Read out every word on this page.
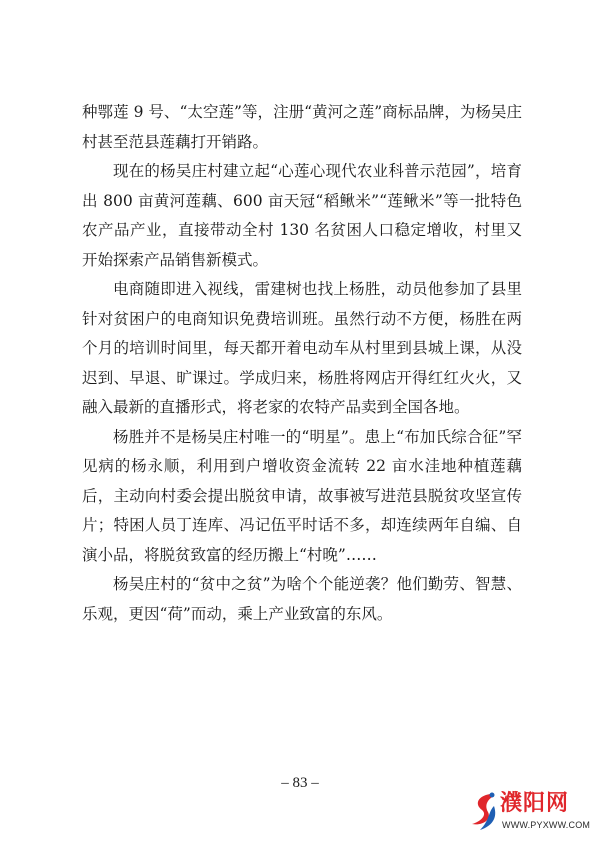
种鄂莲 9 号、“太空莲”等，注册“黄河之莲”商标品牌，为杨吴庄村甚至范县莲藕打开销路。

现在的杨吴庄村建立起“心莲心现代农业科普示范园”，培育出 800 亩黄河莲藕、600 亩天冠“稻鳅米”“莲鳅米”等一批特色农产品产业，直接带动全村 130 名贫困人口稳定增收，村里又开始探索产品销售新模式。

电商随即进入视线，雷建树也找上杨胜，动员他参加了县里针对贫困户的电商知识免费培训班。虽然行动不方便，杨胜在两个月的培训时间里，每天都开着电动车从村里到县城上课，从没迟到、早退、旷课过。学成归来，杨胜将网店开得红红火火，又融入最新的直播形式，将老家的农特产品卖到全国各地。

杨胜并不是杨吴庄村唯一的“明星”。患上“布加氏综合征”罕见病的杨永顺，利用到户增收资金流转 22 亩水洼地种植莲藕后，主动向村委会提出脱贫申请，故事被写进范县脱贫攻坚宣传片；特困人员丁连库、冯记伍平时话不多，却连续两年自编、自演小品，将脱贫致富的经历搬上“村晚”……

杨吴庄村的“贫中之贫”为啥个个能逆袭？他们勤劳、智慧、乐观，更因“荷”而动，乘上产业致富的东风。

– 83 –
濮阳网
WWW.PYXWW.COM
